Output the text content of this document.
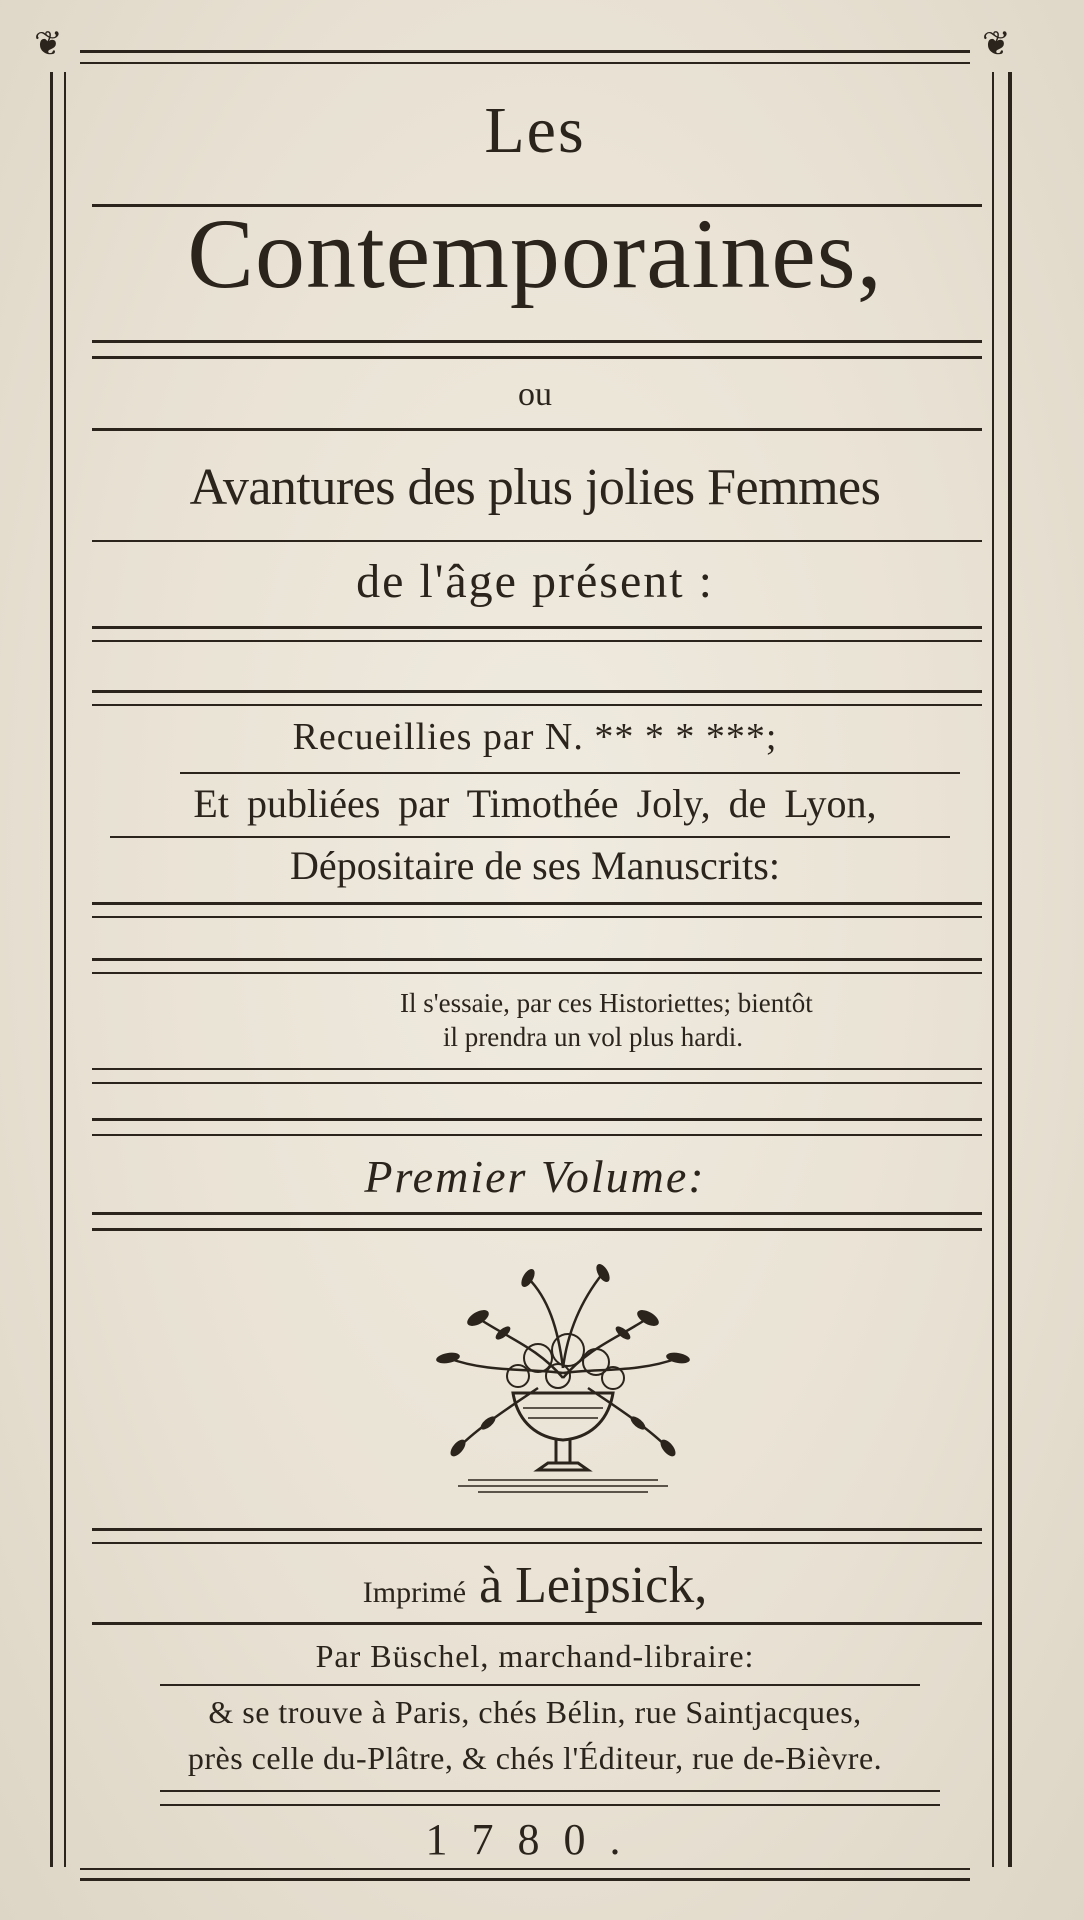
❦	❦
Les
Contemporaines,
ou
Avantures des plus jolies Femmes
de l'âge présent :
Recueillies par N. ** * * ***;
Et publiées par Timothée Joly, de Lyon,
Dépositaire de ses Manuscrits:
Il s'essaie, par ces Historiettes; bientôt
il prendra un vol plus hardi.
Premier Volume:
Imprimé à Leipsick,
Par Büschel, marchand-libraire:
& se trouve à Paris, chés Bélin, rue Saintjacques,
près celle du-Plâtre, & chés l'Éditeur, rue de-Bièvre.
1780.
